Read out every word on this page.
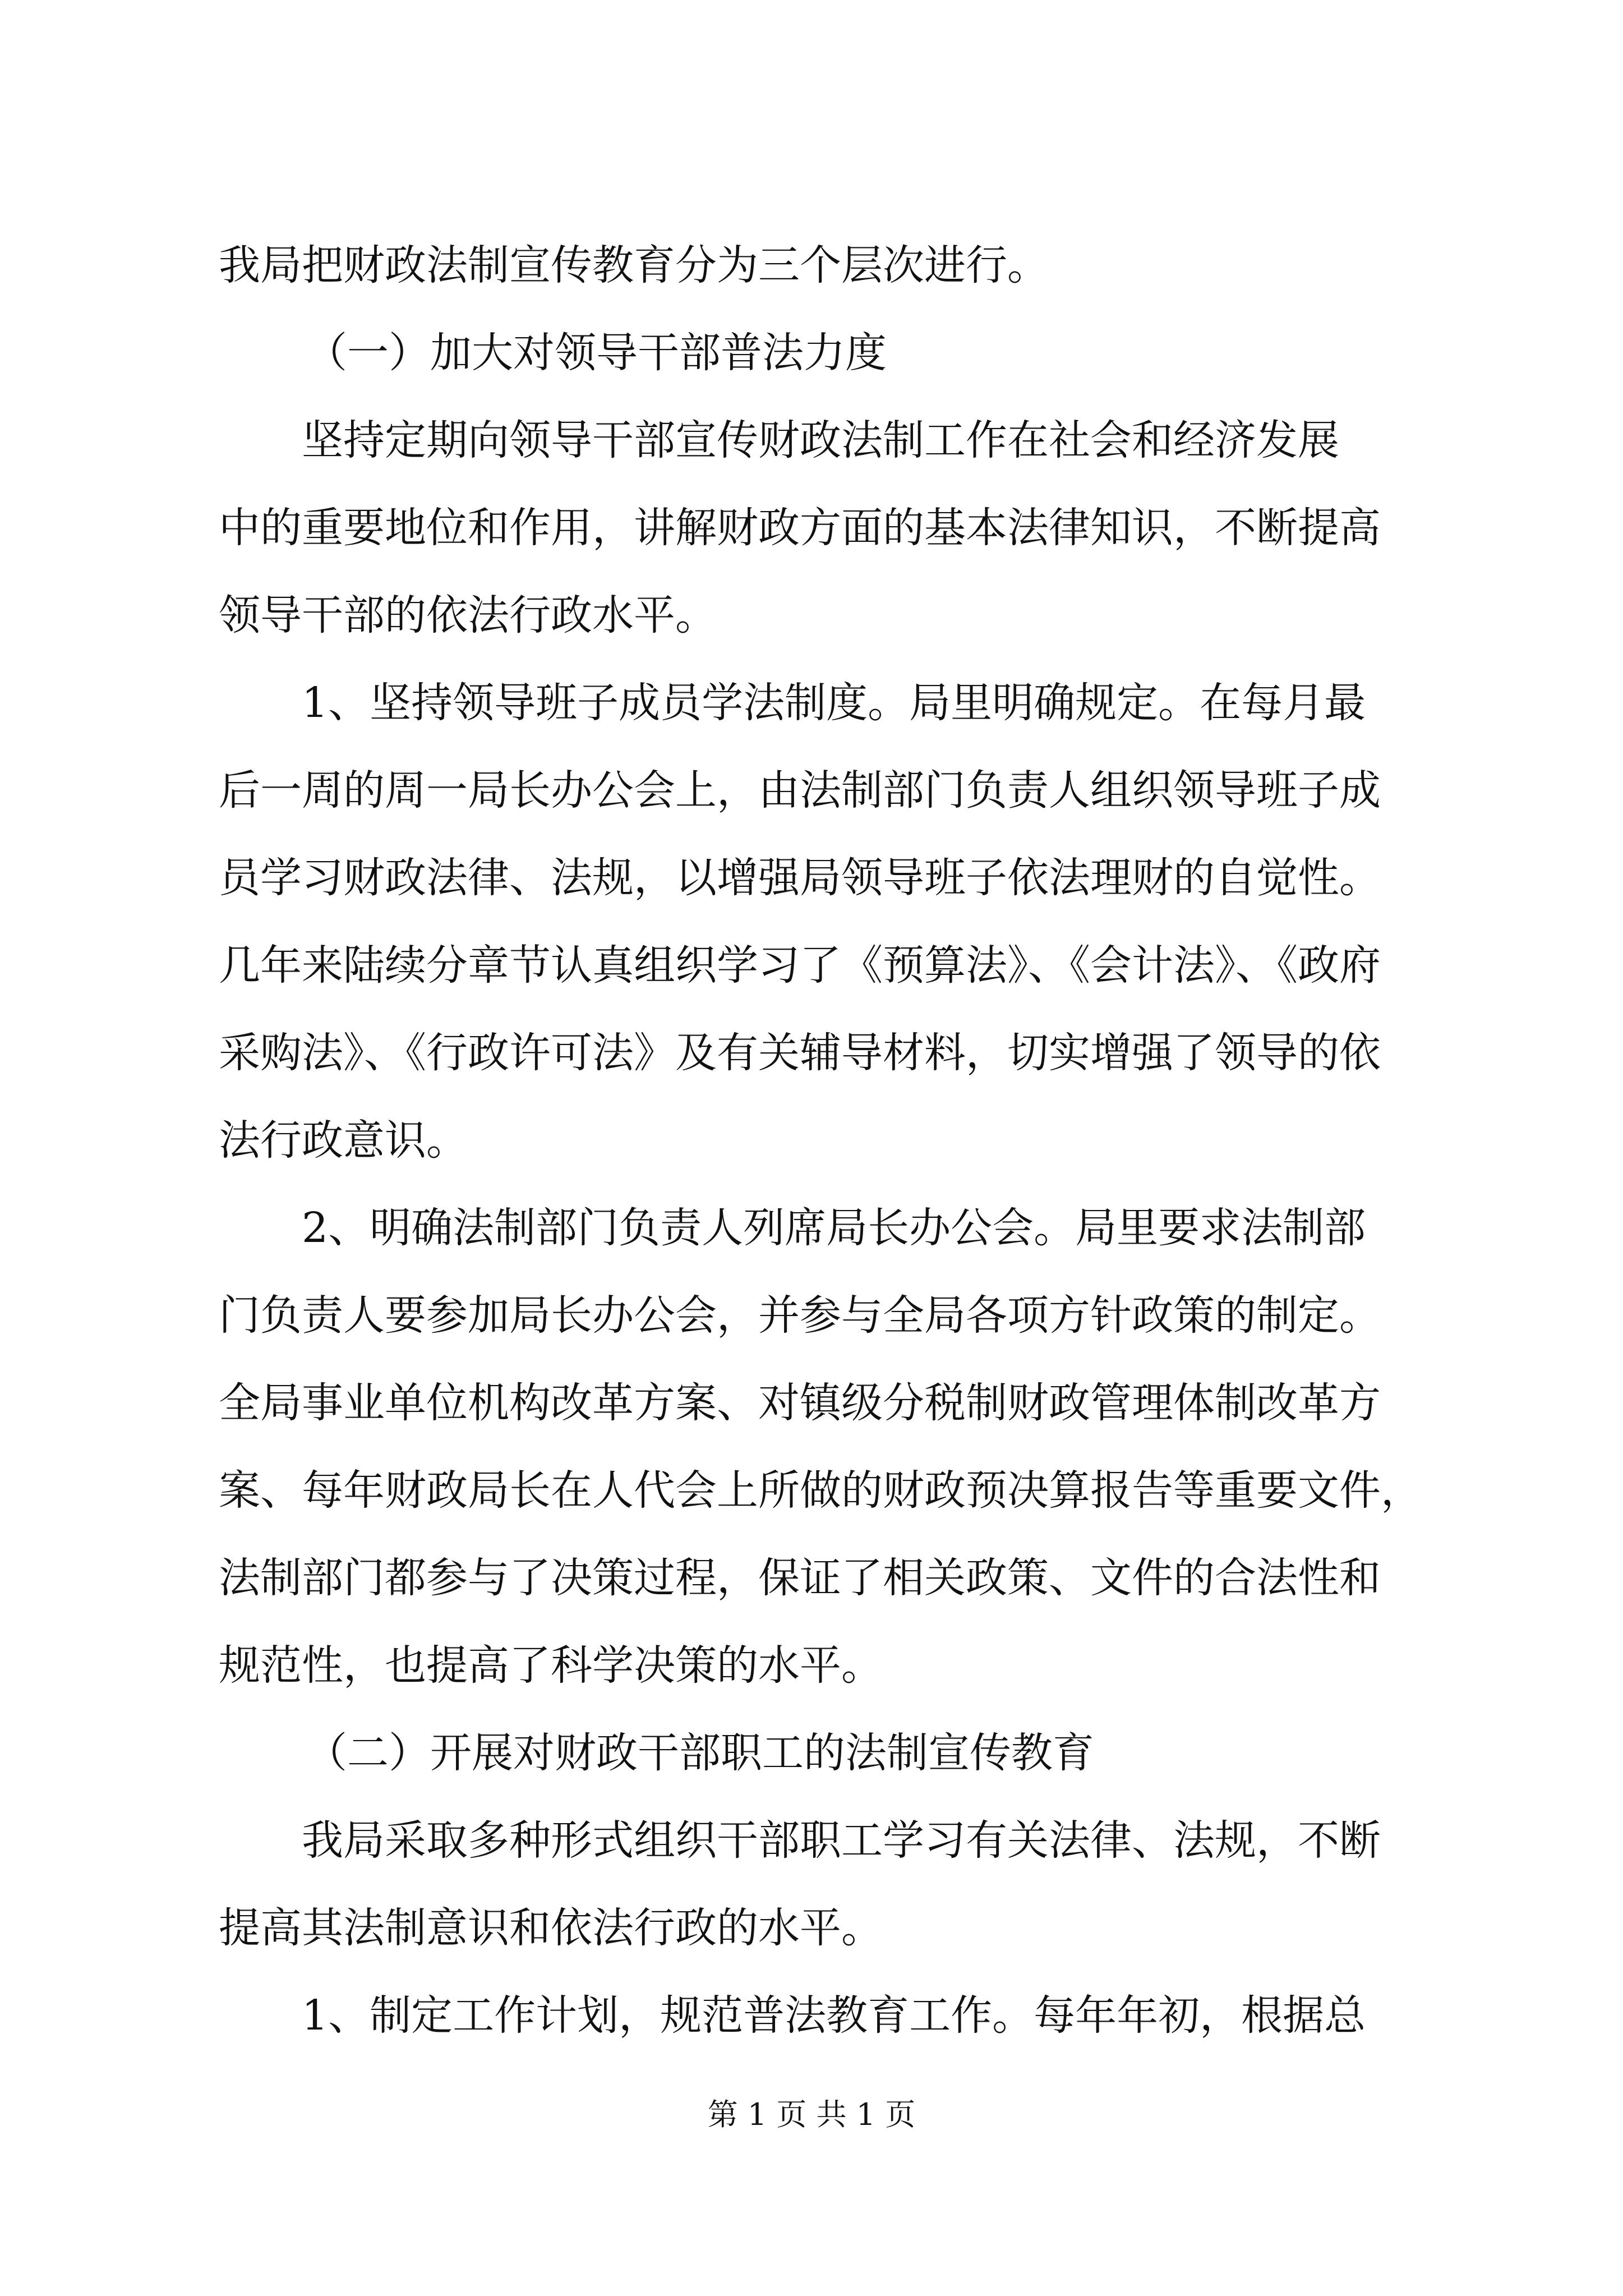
我局把财政法制宣传教育分为三个层次进行。
（一）加大对领导干部普法力度
坚持定期向领导干部宣传财政法制工作在社会和经济发展
中的重要地位和作用，讲解财政方面的基本法律知识，不断提高
领导干部的依法行政水平。
1、坚持领导班子成员学法制度。局里明确规定。在每月最
后一周的周一局长办公会上，由法制部门负责人组织领导班子成
员学习财政法律、法规，以增强局领导班子依法理财的自觉性。
几年来陆续分章节认真组织学习了《预算法》、《会计法》、《政府
采购法》、《行政许可法》及有关辅导材料，切实增强了领导的依
法行政意识。
2、明确法制部门负责人列席局长办公会。局里要求法制部
门负责人要参加局长办公会，并参与全局各项方针政策的制定。
全局事业单位机构改革方案、对镇级分税制财政管理体制改革方
案、每年财政局长在人代会上所做的财政预决算报告等重要文件，
法制部门都参与了决策过程，保证了相关政策、文件的合法性和
规范性，也提高了科学决策的水平。
（二）开展对财政干部职工的法制宣传教育
我局采取多种形式组织干部职工学习有关法律、法规，不断
提高其法制意识和依法行政的水平。
1、制定工作计划，规范普法教育工作。每年年初，根据总
第 1 页 共 1 页
